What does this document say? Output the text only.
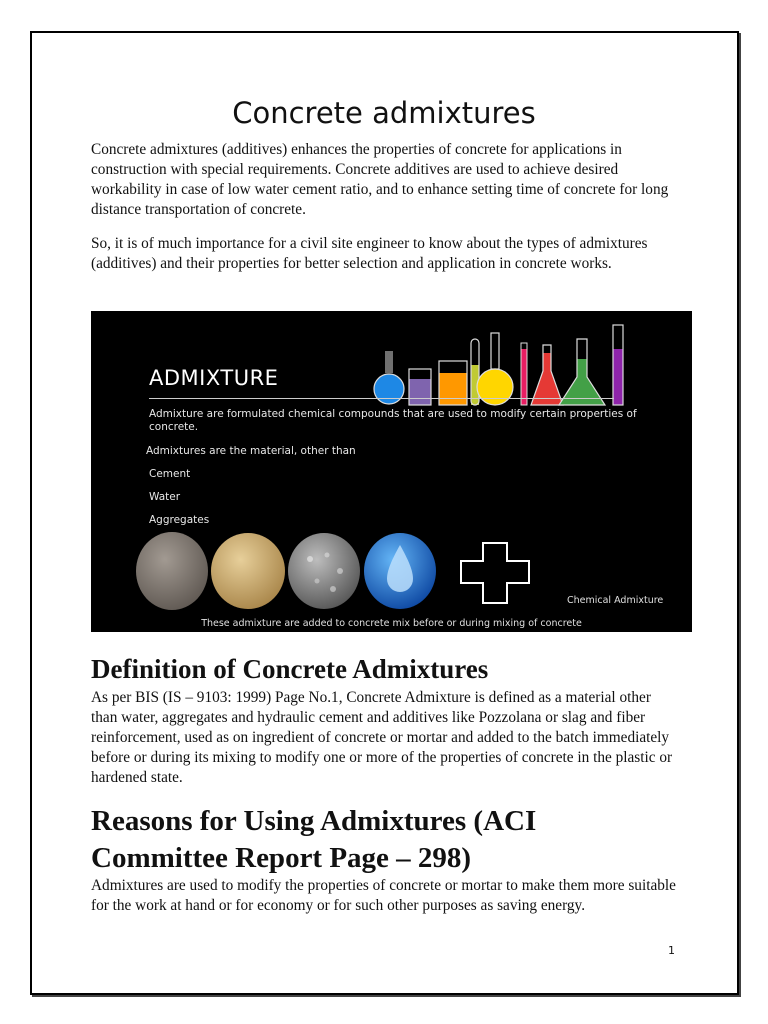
Concrete admixtures

Concrete admixtures (additives) enhances the properties of concrete for applications in construction with special requirements. Concrete additives are used to achieve desired workability in case of low water cement ratio, and to enhance setting time of concrete for long distance transportation of concrete.

So, it is of much importance for a civil site engineer to know about the types of admixtures (additives) and their properties for better selection and application in concrete works.

ADMIXTURE
Admixture are formulated chemical compounds that are used to modify certain properties of
concrete.
Admixtures are the material, other than
Cement
Water
Aggregates
Chemical Admixture
These admixture are added to concrete mix before or during mixing of concrete
Definition of Concrete Admixtures

As per BIS (IS – 9103: 1999) Page No.1, Concrete Admixture is defined as a material other than water, aggregates and hydraulic cement and additives like Pozzolana or slag and fiber reinforcement, used as on ingredient of concrete or mortar and added to the batch immediately before or during its mixing to modify one or more of the properties of concrete in the plastic or hardened state.

Reasons for Using Admixtures (ACI Committee Report Page – 298)

Admixtures are used to modify the properties of concrete or mortar to make them more suitable for the work at hand or for economy or for such other purposes as saving energy.

1
